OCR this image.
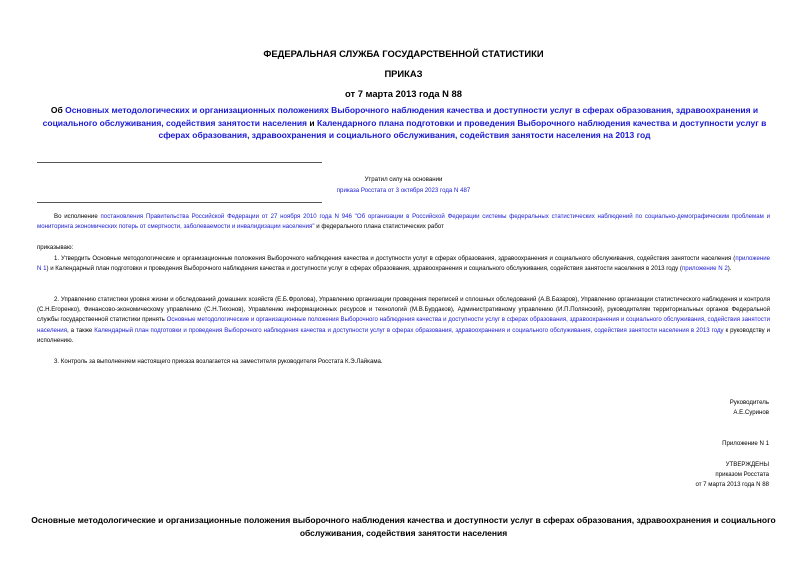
ФЕДЕРАЛЬНАЯ СЛУЖБА ГОСУДАРСТВЕННОЙ СТАТИСТИКИ
ПРИКАЗ
от 7 марта 2013 года N 88
Об Основных методологических и организационных положениях Выборочного наблюдения качества и доступности услуг в сферах образования, здравоохранения и социального обслуживания, содействия занятости населения и Календарного плана подготовки и проведения Выборочного наблюдения качества и доступности услуг в сферах образования, здравоохранения и социального обслуживания, содействия занятости населения на 2013 год
Утратил силу на основании
приказа Росстата от 3 октября 2023 года N 487
Во исполнение постановления Правительства Российской Федерации от 27 ноября 2010 года N 946 "Об организации в Российской Федерации системы федеральных статистических наблюдений по социально-демографическим проблемам и мониторинга экономических потерь от смертности, заболеваемости и инвалидизации населения" и федерального плана статистических работ
приказываю:
1. Утвердить Основные методологические и организационные положения Выборочного наблюдения качества и доступности услуг в сферах образования, здравоохранения и социального обслуживания, содействия занятости населения (приложение N 1) и Календарный план подготовки и проведения Выборочного наблюдения качества и доступности услуг в сферах образования, здравоохранения и социального обслуживания, содействия занятости населения в 2013 году (приложение N 2).
2. Управлению статистики уровня жизни и обследований домашних хозяйств (Е.Б.Фролова), Управлению организации проведения переписей и сплошных обследований (А.В.Базаров), Управлению организации статистического наблюдения и контроля (С.Н.Егоренко), Финансово-экономическому управлению (С.Н.Тихонов), Управлению информационных ресурсов и технологий (М.В.Бурдаков), Административному управлению (И.П.Полянский), руководителям территориальных органов Федеральной службы государственной статистики принять Основные методологические и организационные положения Выборочного наблюдения качества и доступности услуг в сферах образования, здравоохранения и социального обслуживания, содействия занятости населения, а также Календарный план подготовки и проведения Выборочного наблюдения качества и доступности услуг в сферах образования, здравоохранения и социального обслуживания, содействия занятости населения в 2013 году к руководству и исполнению.
3. Контроль за выполнением настоящего приказа возлагается на заместителя руководителя Росстата К.Э.Лайкама.
Руководитель
А.Е.Суринов
Приложение N 1
УТВЕРЖДЕНЫ
приказом Росстата
от 7 марта 2013 года N 88
Основные методологические и организационные положения выборочного наблюдения качества и доступности услуг в сферах образования, здравоохранения и социального обслуживания, содействия занятости населения
